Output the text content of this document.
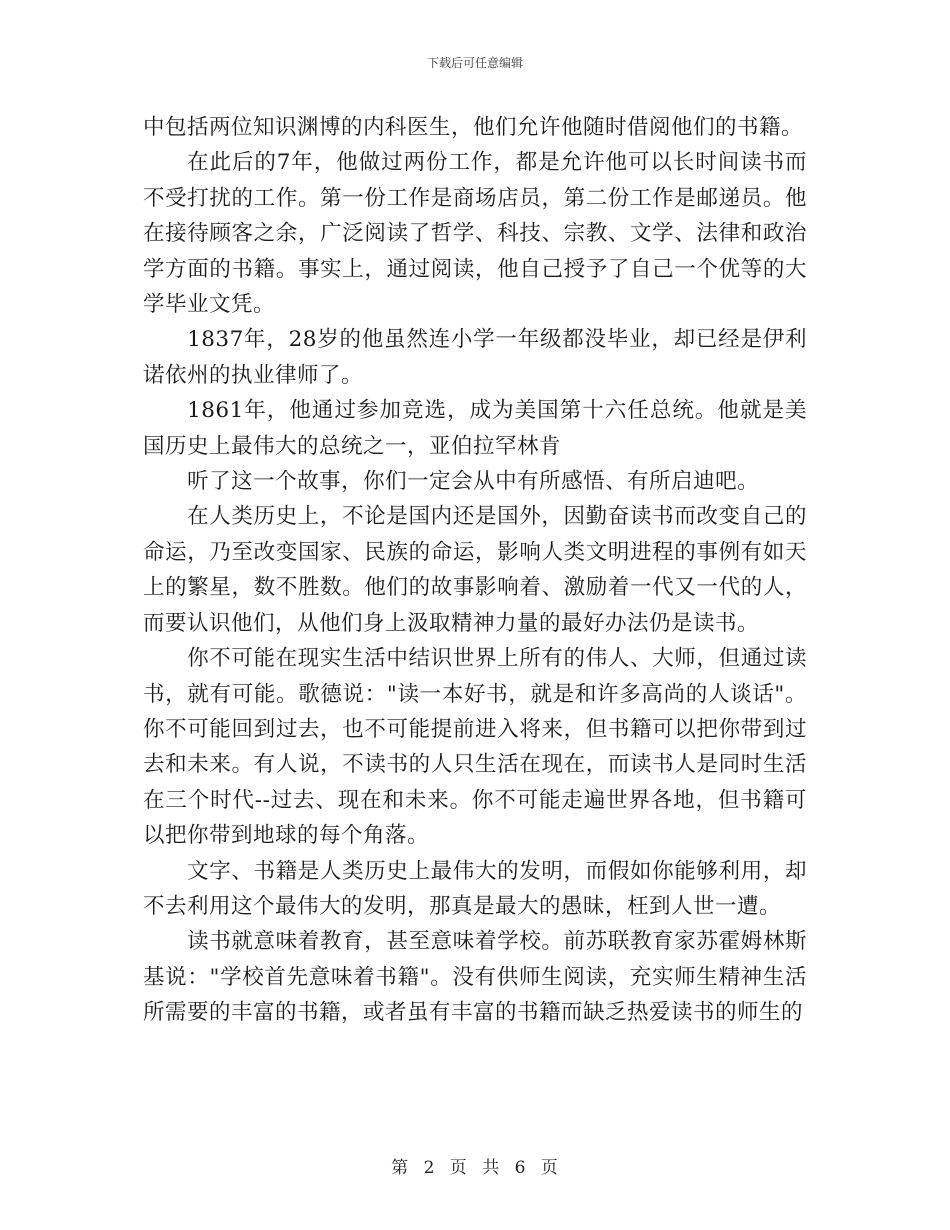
下载后可任意编辑

中包括两位知识渊博的内科医生，他们允许他随时借阅他们的书籍。

在此后的7年，他做过两份工作，都是允许他可以长时间读书而不受打扰的工作。第一份工作是商场店员，第二份工作是邮递员。他在接待顾客之余，广泛阅读了哲学、科技、宗教、文学、法律和政治学方面的书籍。事实上，通过阅读，他自己授予了自己一个优等的大学毕业文凭。

1837年，28岁的他虽然连小学一年级都没毕业，却已经是伊利诺依州的执业律师了。

1861年，他通过参加竞选，成为美国第十六任总统。他就是美国历史上最伟大的总统之一，亚伯拉罕林肯

听了这一个故事，你们一定会从中有所感悟、有所启迪吧。

在人类历史上，不论是国内还是国外，因勤奋读书而改变自己的命运，乃至改变国家、民族的命运，影响人类文明进程的事例有如天上的繁星，数不胜数。他们的故事影响着、激励着一代又一代的人，而要认识他们，从他们身上汲取精神力量的最好办法仍是读书。

你不可能在现实生活中结识世界上所有的伟人、大师，但通过读书，就有可能。歌德说："读一本好书，就是和许多高尚的人谈话"。你不可能回到过去，也不可能提前进入将来，但书籍可以把你带到过去和未来。有人说，不读书的人只生活在现在，而读书人是同时生活在三个时代--过去、现在和未来。你不可能走遍世界各地，但书籍可以把你带到地球的每个角落。

文字、书籍是人类历史上最伟大的发明，而假如你能够利用，却不去利用这个最伟大的发明，那真是最大的愚昧，枉到人世一遭。

读书就意味着教育，甚至意味着学校。前苏联教育家苏霍姆林斯基说："学校首先意味着书籍"。没有供师生阅读，充实师生精神生活所需要的丰富的书籍，或者虽有丰富的书籍而缺乏热爱读书的师生的

第 2 页 共 6 页
